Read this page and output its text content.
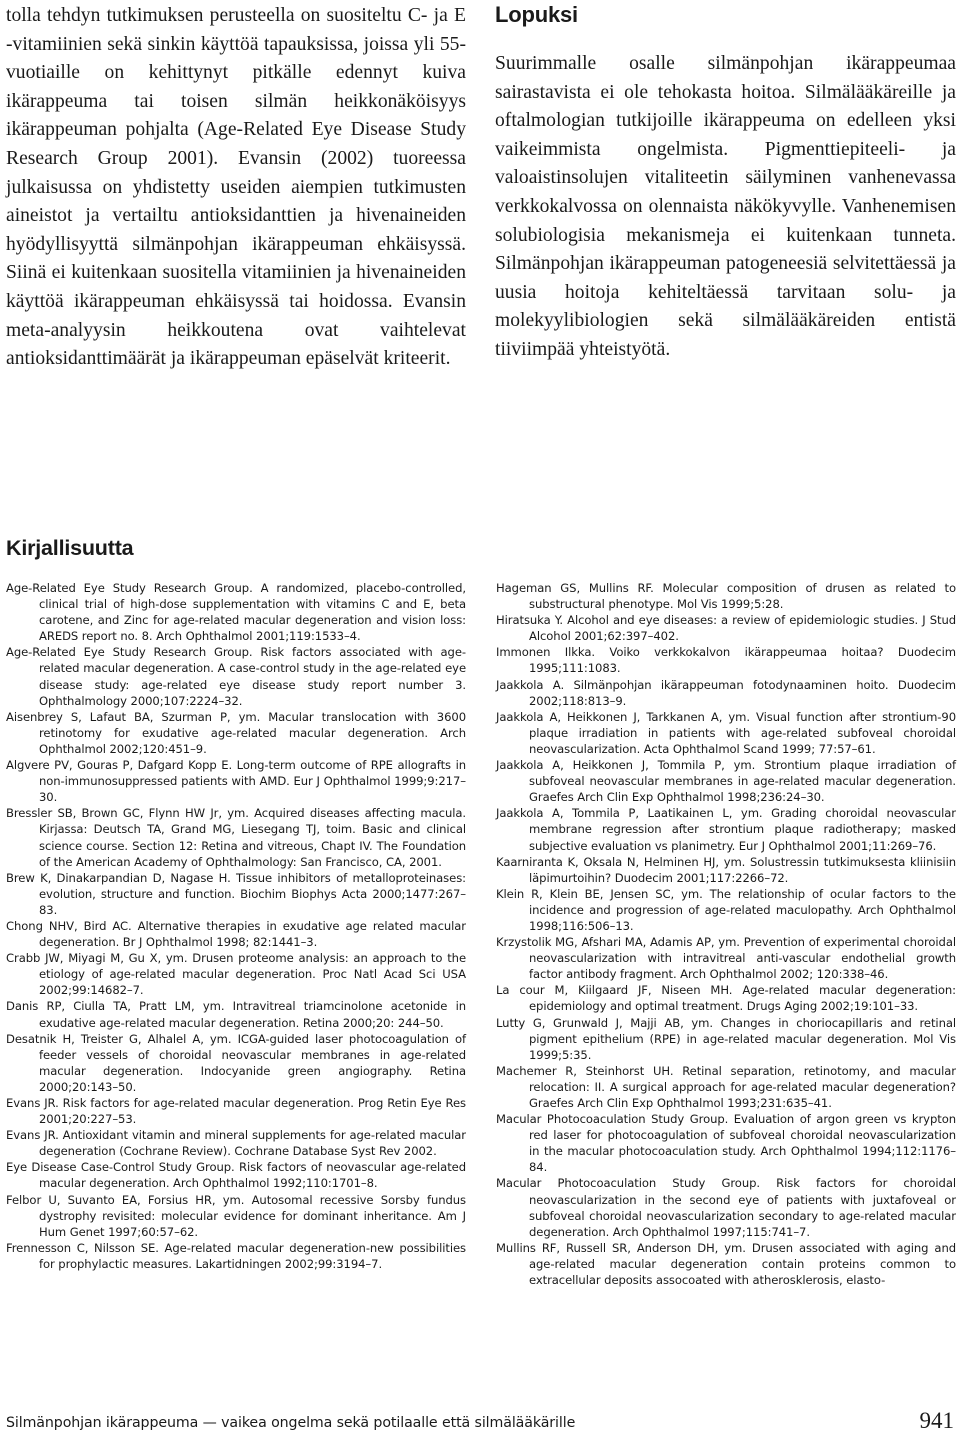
tolla tehdyn tutkimuksen perusteella on suositeltu C- ja E -vitamiinien sekä sinkin käyttöä tapauksissa, joissa yli 55-vuotiaille on kehittynyt pitkälle edennyt kuiva ikärappeuma tai toisen silmän heikkonäköisyys ikärappeuman pohjalta (Age-Related Eye Disease Study Research Group 2001). Evansin (2002) tuoreessa julkaisussa on yhdistetty useiden aiempien tutkimusten aineistot ja vertailtu antioksidanttien ja hivenaineiden hyödyllisyyttä silmänpohjan ikärappeuman ehkäisyssä. Siinä ei kuitenkaan suositella vitamiinien ja hivenaineiden käyttöä ikärappeuman ehkäisyssä tai hoidossa. Evansin meta-analyysin heikkoutena ovat vaihtelevat antioksidanttimäärät ja ikärappeuman epäselvät kriteerit.

Lopuksi

Suurimmalle osalle silmänpohjan ikärappeumaa sairastavista ei ole tehokasta hoitoa. Silmälääkäreille ja oftalmologian tutkijoille ikärappeuma on edelleen yksi vaikeimmista ongelmista. Pigmenttiepiteeli- ja valoaistinsolujen vitaliteetin säilyminen vanhenevassa verkkokalvossa on olennaista näkökyvylle. Vanhenemisen solubiologisia mekanismeja ei kuitenkaan tunneta. Silmänpohjan ikärappeuman patogeneesiä selvitettäessä ja uusia hoitoja kehiteltäessä tarvitaan solu- ja molekyylibiologien sekä silmälääkäreiden entistä tiiviimpää yhteistyötä.

Kirjallisuutta

Age-Related Eye Study Research Group. A randomized, placebo-controlled, clinical trial of high-dose supplementation with vitamins C and E, beta carotene, and Zinc for age-related macular degeneration and vision loss: AREDS report no. 8. Arch Ophthalmol 2001;119:1533–4.

Age-Related Eye Study Research Group. Risk factors associated with age-related macular degeneration. A case-control study in the age-related eye disease study: age-related eye disease study report number 3. Ophthalmology 2000;107:2224–32.

Aisenbrey S, Lafaut BA, Szurman P, ym. Macular translocation with 3600 retinotomy for exudative age-related macular degeneration. Arch Ophthalmol 2002;120:451–9.

Algvere PV, Gouras P, Dafgard Kopp E. Long-term outcome of RPE allografts in non-immunosuppressed patients with AMD. Eur J Ophthalmol 1999;9:217–30.

Bressler SB, Brown GC, Flynn HW Jr, ym. Acquired diseases affecting macula. Kirjassa: Deutsch TA, Grand MG, Liesegang TJ, toim. Basic and clinical science course. Section 12: Retina and vitreous, Chapt IV. The Foundation of the American Academy of Ophthalmology: San Francisco, CA, 2001.

Brew K, Dinakarpandian D, Nagase H. Tissue inhibitors of metalloproteinases: evolution, structure and function. Biochim Biophys Acta 2000;1477:267–83.

Chong NHV, Bird AC. Alternative therapies in exudative age related macular degeneration. Br J Ophthalmol 1998; 82:1441–3.

Crabb JW, Miyagi M, Gu X, ym. Drusen proteome analysis: an approach to the etiology of age-related macular degeneration. Proc Natl Acad Sci USA 2002;99:14682–7.

Danis RP, Ciulla TA, Pratt LM, ym. Intravitreal triamcinolone acetonide in exudative age-related macular degeneration. Retina 2000;20: 244–50.

Desatnik H, Treister G, Alhalel A, ym. ICGA-guided laser photocoagulation of feeder vessels of choroidal neovascular membranes in age-related macular degeneration. Indocyanide green angiography. Retina 2000;20:143–50.

Evans JR. Risk factors for age-related macular degeneration. Prog Retin Eye Res 2001;20:227–53.

Evans JR. Antioxidant vitamin and mineral supplements for age-related macular degeneration (Cochrane Review). Cochrane Database Syst Rev 2002.

Eye Disease Case-Control Study Group. Risk factors of neovascular age-related macular degeneration. Arch Ophthalmol 1992;110:1701–8.

Felbor U, Suvanto EA, Forsius HR, ym. Autosomal recessive Sorsby fundus dystrophy revisited: molecular evidence for dominant inheritance. Am J Hum Genet 1997;60:57–62.

Frennesson C, Nilsson SE. Age-related macular degeneration-new possibilities for prophylactic measures. Lakartidningen 2002;99:3194–7.

Hageman GS, Mullins RF. Molecular composition of drusen as related to substructural phenotype. Mol Vis 1999;5:28.

Hiratsuka Y. Alcohol and eye diseases: a review of epidemiologic studies. J Stud Alcohol 2001;62:397–402.

Immonen Ilkka. Voiko verkkokalvon ikärappeumaa hoitaa? Duodecim 1995;111:1083.

Jaakkola A. Silmänpohjan ikärappeuman fotodynaaminen hoito. Duodecim 2002;118:813–9.

Jaakkola A, Heikkonen J, Tarkkanen A, ym. Visual function after strontium-90 plaque irradiation in patients with age-related subfoveal choroidal neovascularization. Acta Ophthalmol Scand 1999; 77:57–61.

Jaakkola A, Heikkonen J, Tommila P, ym. Strontium plaque irradiation of subfoveal neovascular membranes in age-related macular degeneration. Graefes Arch Clin Exp Ophthalmol 1998;236:24–30.

Jaakkola A, Tommila P, Laatikainen L, ym. Grading choroidal neovascular membrane regression after strontium plaque radiotherapy; masked subjective evaluation vs planimetry. Eur J Ophthalmol 2001;11:269–76.

Kaarniranta K, Oksala N, Helminen HJ, ym. Solustressin tutkimuksesta kliinisiin läpimurtoihin? Duodecim 2001;117:2266–72.

Klein R, Klein BE, Jensen SC, ym. The relationship of ocular factors to the incidence and progression of age-related maculopathy. Arch Ophthalmol 1998;116:506–13.

Krzystolik MG, Afshari MA, Adamis AP, ym. Prevention of experimental choroidal neovascularization with intravitreal anti-vascular endothelial growth factor antibody fragment. Arch Ophthalmol 2002; 120:338–46.

La cour M, Kiilgaard JF, Niseen MH. Age-related macular degeneration: epidemiology and optimal treatment. Drugs Aging 2002;19:101–33.

Lutty G, Grunwald J, Majji AB, ym. Changes in choriocapillaris and retinal pigment epithelium (RPE) in age-related macular degeneration. Mol Vis 1999;5:35.

Machemer R, Steinhorst UH. Retinal separation, retinotomy, and macular relocation: II. A surgical approach for age-related macular degeneration? Graefes Arch Clin Exp Ophthalmol 1993;231:635–41.

Macular Photocoaculation Study Group. Evaluation of argon green vs krypton red laser for photocoagulation of subfoveal choroidal neovascularization in the macular photocoaculation study. Arch Ophthalmol 1994;112:1176–84.

Macular Photocoaculation Study Group. Risk factors for choroidal neovascularization in the second eye of patients with juxtafoveal or subfoveal choroidal neovascularization secondary to age-related macular degeneration. Arch Ophthalmol 1997;115:741–7.

Mullins RF, Russell SR, Anderson DH, ym. Drusen associated with aging and age-related macular degeneration contain proteins common to extracellular deposits assocoated with atherosklerosis, elasto-

Silmänpohjan ikärappeuma — vaikea ongelma sekä potilaalle että silmälääkärille	941
